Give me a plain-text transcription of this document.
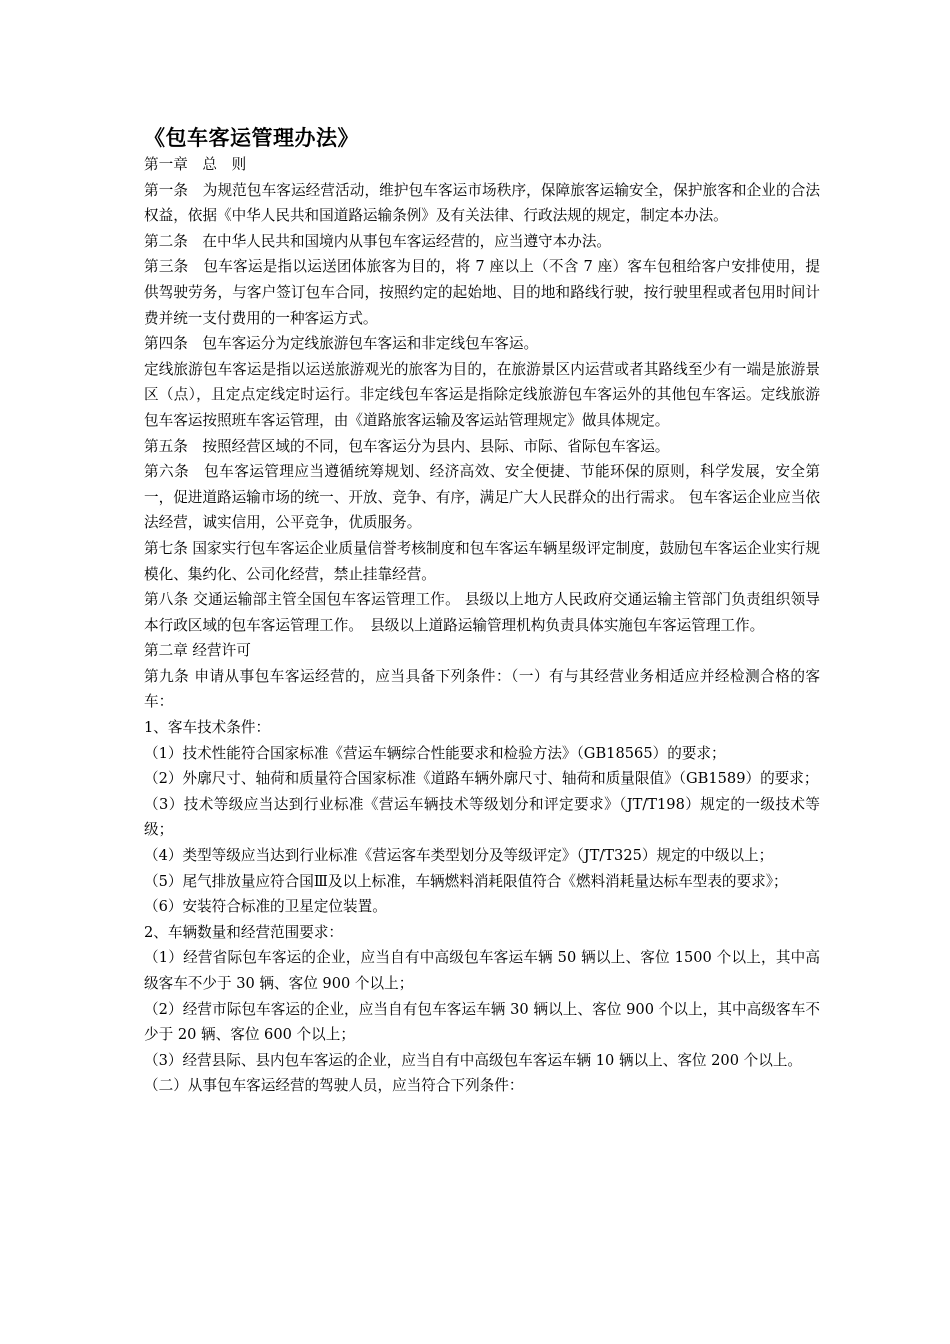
《包车客运管理办法》

第一章　总　则

第一条　为规范包车客运经营活动，维护包车客运市场秩序，保障旅客运输安全，保护旅客和企业的合法权益，依据《中华人民共和国道路运输条例》及有关法律、行政法规的规定，制定本办法。

第二条　在中华人民共和国境内从事包车客运经营的，应当遵守本办法。

第三条　包车客运是指以运送团体旅客为目的，将 7 座以上（不含 7 座）客车包租给客户安排使用，提供驾驶劳务，与客户签订包车合同，按照约定的起始地、目的地和路线行驶，按行驶里程或者包用时间计费并统一支付费用的一种客运方式。

第四条　包车客运分为定线旅游包车客运和非定线包车客运。

定线旅游包车客运是指以运送旅游观光的旅客为目的，在旅游景区内运营或者其路线至少有一端是旅游景区（点），且定点定线定时运行。非定线包车客运是指除定线旅游包车客运外的其他包车客运。定线旅游包车客运按照班车客运管理，由《道路旅客运输及客运站管理规定》做具体规定。

第五条　按照经营区域的不同，包车客运分为县内、县际、市际、省际包车客运。

第六条　包车客运管理应当遵循统筹规划、经济高效、安全便捷、节能环保的原则，科学发展，安全第一，促进道路运输市场的统一、开放、竞争、有序，满足广大人民群众的出行需求。 包车客运企业应当依法经营，诚实信用，公平竞争，优质服务。

第七条 国家实行包车客运企业质量信誉考核制度和包车客运车辆星级评定制度，鼓励包车客运企业实行规模化、集约化、公司化经营，禁止挂靠经营。

第八条 交通运输部主管全国包车客运管理工作。 县级以上地方人民政府交通运输主管部门负责组织领导本行政区域的包车客运管理工作。　县级以上道路运输管理机构负责具体实施包车客运管理工作。

第二章 经营许可

第九条 申请从事包车客运经营的，应当具备下列条件：（一）有与其经营业务相适应并经检测合格的客车：

1、客车技术条件：

（1）技术性能符合国家标准《营运车辆综合性能要求和检验方法》（GB18565）的要求；

（2）外廓尺寸、轴荷和质量符合国家标准《道路车辆外廓尺寸、轴荷和质量限值》（GB1589）的要求；

（3）技术等级应当达到行业标准《营运车辆技术等级划分和评定要求》（JT/T198）规定的一级技术等级；

（4）类型等级应当达到行业标准《营运客车类型划分及等级评定》（JT/T325）规定的中级以上；

（5）尾气排放量应符合国Ⅲ及以上标准，车辆燃料消耗限值符合《燃料消耗量达标车型表的要求》；

（6）安装符合标准的卫星定位装置。

2、车辆数量和经营范围要求：

（1）经营省际包车客运的企业，应当自有中高级包车客运车辆 50 辆以上、客位 1500 个以上，其中高级客车不少于 30 辆、客位 900 个以上；

（2）经营市际包车客运的企业，应当自有包车客运车辆 30 辆以上、客位 900 个以上，其中高级客车不少于 20 辆、客位 600 个以上；

（3）经营县际、县内包车客运的企业，应当自有中高级包车客运车辆 10 辆以上、客位 200 个以上。

（二）从事包车客运经营的驾驶人员，应当符合下列条件：
